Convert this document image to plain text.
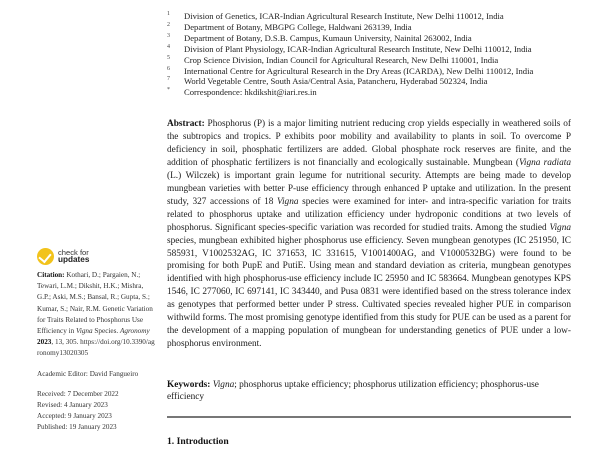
1 Division of Genetics, ICAR-Indian Agricultural Research Institute, New Delhi 110012, India
2 Department of Botany, MBGPG College, Haldwani 263139, India
3 Department of Botany, D.S.B. Campus, Kumaun University, Nainital 263002, India
4 Division of Plant Physiology, ICAR-Indian Agricultural Research Institute, New Delhi 110012, India
5 Crop Science Division, Indian Council for Agricultural Research, New Delhi 110001, India
6 International Centre for Agricultural Research in the Dry Areas (ICARDA), New Delhi 110012, India
7 World Vegetable Centre, South Asia/Central Asia, Patancheru, Hyderabad 502324, India
* Correspondence: hkdikshit@iari.res.in
check for
updates
Citation: Kothari, D.; Pargaien, N.; Tewari, L.M.; Dikshit, H.K.; Mishra, G.P.; Aski, M.S.; Bansal, R.; Gupta, S.; Kumar, S.; Nair, R.M. Genetic Variation for Traits Related to Phosphorus Use Efficiency in Vigna Species. Agronomy 2023, 13, 305. https://doi.org/10.3390/agronomy13020305
Academic Editor: David Fangueiro
Received: 7 December 2022
Revised: 4 January 2023
Accepted: 9 January 2023
Published: 19 January 2023
Abstract: Phosphorus (P) is a major limiting nutrient reducing crop yields especially in weathered soils of the subtropics and tropics. P exhibits poor mobility and availability to plants in soil. To overcome P deficiency in soil, phosphatic fertilizers are added. Global phosphate rock reserves are finite, and the addition of phosphatic fertilizers is not financially and ecologically sustainable. Mungbean (Vigna radiata (L.) Wilczek) is important grain legume for nutritional security. Attempts are being made to develop mungbean varieties with better P-use efficiency through enhanced P uptake and utilization. In the present study, 327 accessions of 18 Vigna species were examined for inter- and intra-specific variation for traits related to phosphorus uptake and utilization efficiency under hydroponic conditions at two levels of phosphorus. Significant species-specific variation was recorded for studied traits. Among the studied Vigna species, mungbean exhibited higher phosphorus use efficiency. Seven mungbean genotypes (IC 251950, IC 585931, V1002532AG, IC 371653, IC 331615, V1001400AG, and V1000532BG) were found to be promising for both PupE and PutiE. Using mean and standard deviation as criteria, mungbean genotypes identified with high phosphorus-use efficiency include IC 25950 and IC 583664. Mungbean genotypes KPS 1546, IC 277060, IC 697141, IC 343440, and Pusa 0831 were identified based on the stress tolerance index as genotypes that performed better under P stress. Cultivated species revealed higher PUE in comparison withwild forms. The most promising genotype identified from this study for PUE can be used as a parent for the development of a mapping population of mungbean for understanding genetics of PUE under a low-phosphorus environment.
Keywords: Vigna; phosphorus uptake efficiency; phosphorus utilization efficiency; phosphorus-use efficiency
1. Introduction
